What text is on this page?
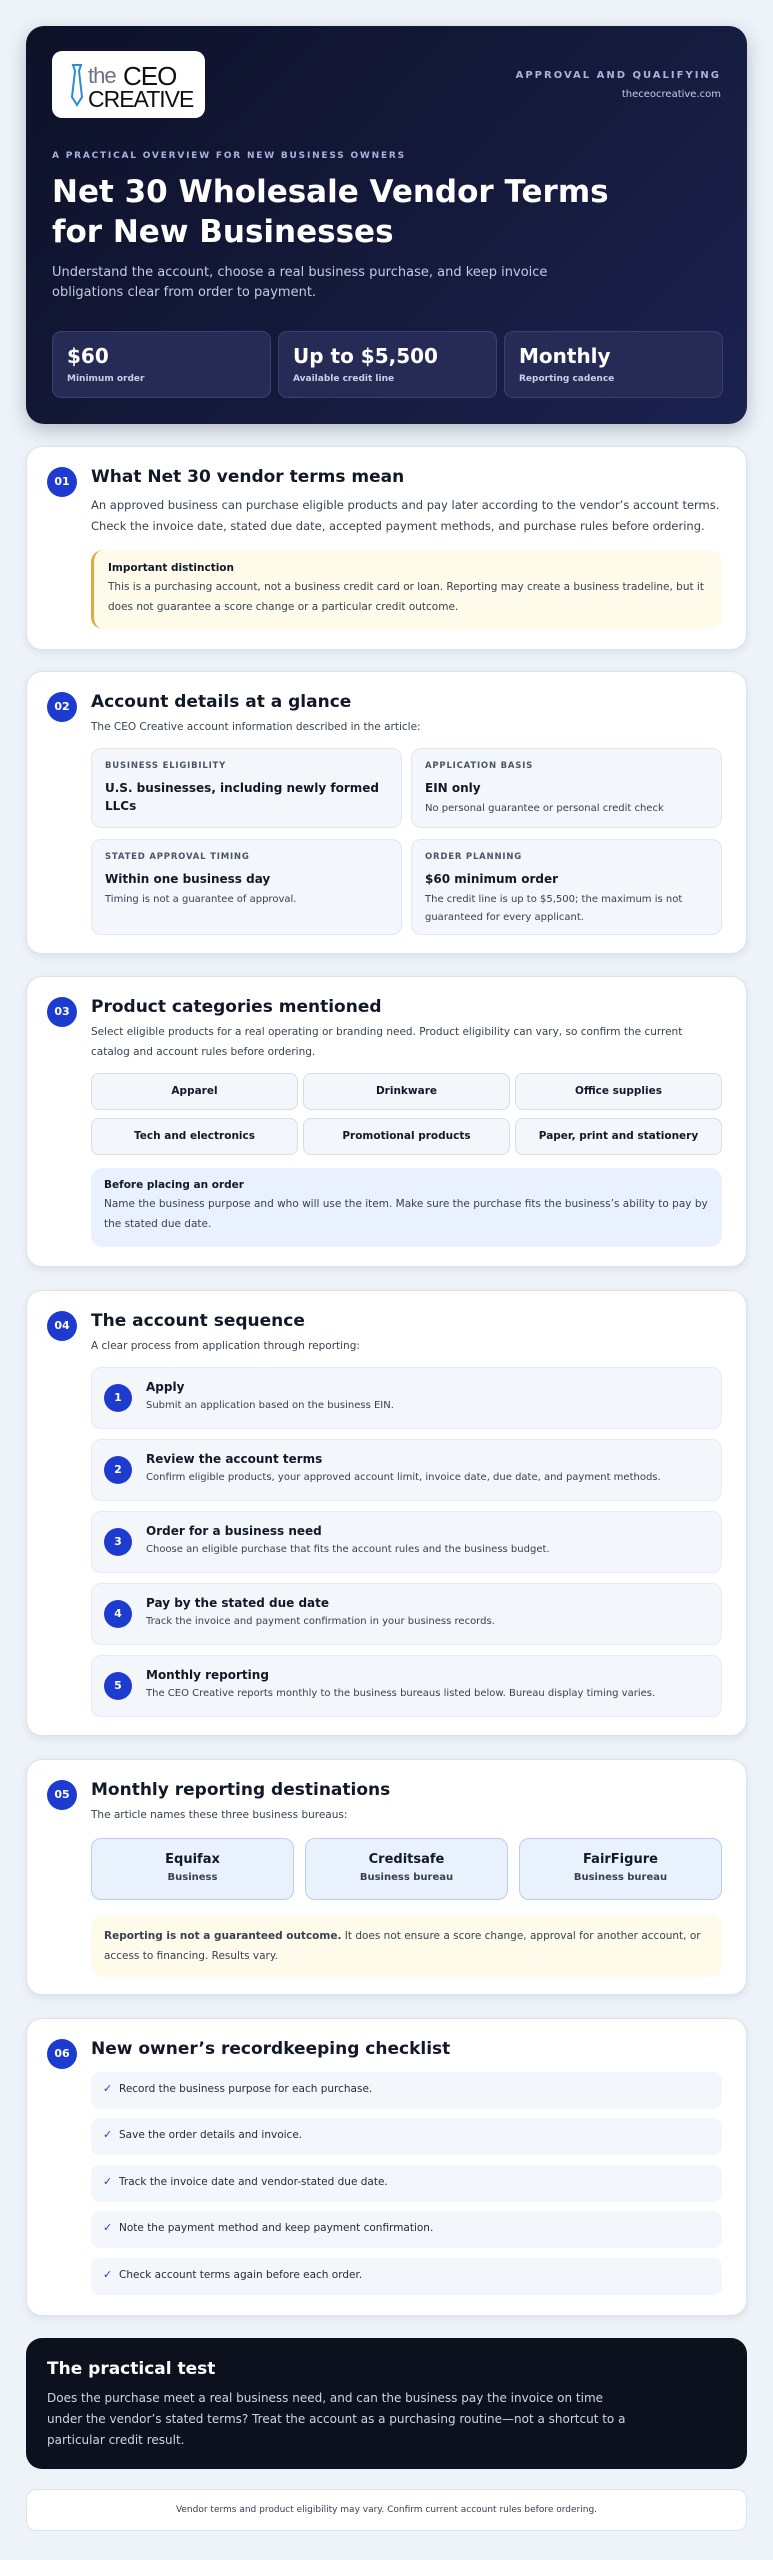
the CEO
CREATIVE
APPROVAL AND QUALIFYING
theceocreative.com
A PRACTICAL OVERVIEW FOR NEW BUSINESS OWNERS
Net 30 Wholesale Vendor Terms for New Businesses
Understand the account, choose a real business purchase, and keep invoice obligations clear from order to payment.
$60
Minimum order
Up to $5,500
Available credit line
Monthly
Reporting cadence
01	What Net 30 vendor terms mean
An approved business can purchase eligible products and pay later according to the vendor’s account terms. Check the invoice date, stated due date, accepted payment methods, and purchase rules before ordering.
Important distinction
This is a purchasing account, not a business credit card or loan. Reporting may create a business tradeline, but it does not guarantee a score change or a particular credit outcome.
02	Account details at a glance
The CEO Creative account information described in the article:
BUSINESS ELIGIBILITY
U.S. businesses, including newly formed LLCs
APPLICATION BASIS
EIN only
No personal guarantee or personal credit check
STATED APPROVAL TIMING
Within one business day
Timing is not a guarantee of approval.
ORDER PLANNING
$60 minimum order
The credit line is up to $5,500; the maximum is not guaranteed for every applicant.
03	Product categories mentioned
Select eligible products for a real operating or branding need. Product eligibility can vary, so confirm the current catalog and account rules before ordering.
Apparel	Drinkware	Office supplies
Tech and electronics	Promotional products	Paper, print and stationery
Before placing an order
Name the business purpose and who will use the item. Make sure the purchase fits the business’s ability to pay by the stated due date.
04	The account sequence
A clear process from application through reporting:
1
Apply
Submit an application based on the business EIN.
2
Review the account terms
Confirm eligible products, your approved account limit, invoice date, due date, and payment methods.
3
Order for a business need
Choose an eligible purchase that fits the account rules and the business budget.
4
Pay by the stated due date
Track the invoice and payment confirmation in your business records.
5
Monthly reporting
The CEO Creative reports monthly to the business bureaus listed below. Bureau display timing varies.
05	Monthly reporting destinations
The article names these three business bureaus:
Equifax
Business
Creditsafe
Business bureau
FairFigure
Business bureau
Reporting is not a guaranteed outcome. It does not ensure a score change, approval for another account, or access to financing. Results vary.
06	New owner’s recordkeeping checklist
✓ Record the business purpose for each purchase.
✓ Save the order details and invoice.
✓ Track the invoice date and vendor-stated due date.
✓ Note the payment method and keep payment confirmation.
✓ Check account terms again before each order.
The practical test
Does the purchase meet a real business need, and can the business pay the invoice on time under the vendor’s stated terms? Treat the account as a purchasing routine—not a shortcut to a particular credit result.
Vendor terms and product eligibility may vary. Confirm current account rules before ordering.
